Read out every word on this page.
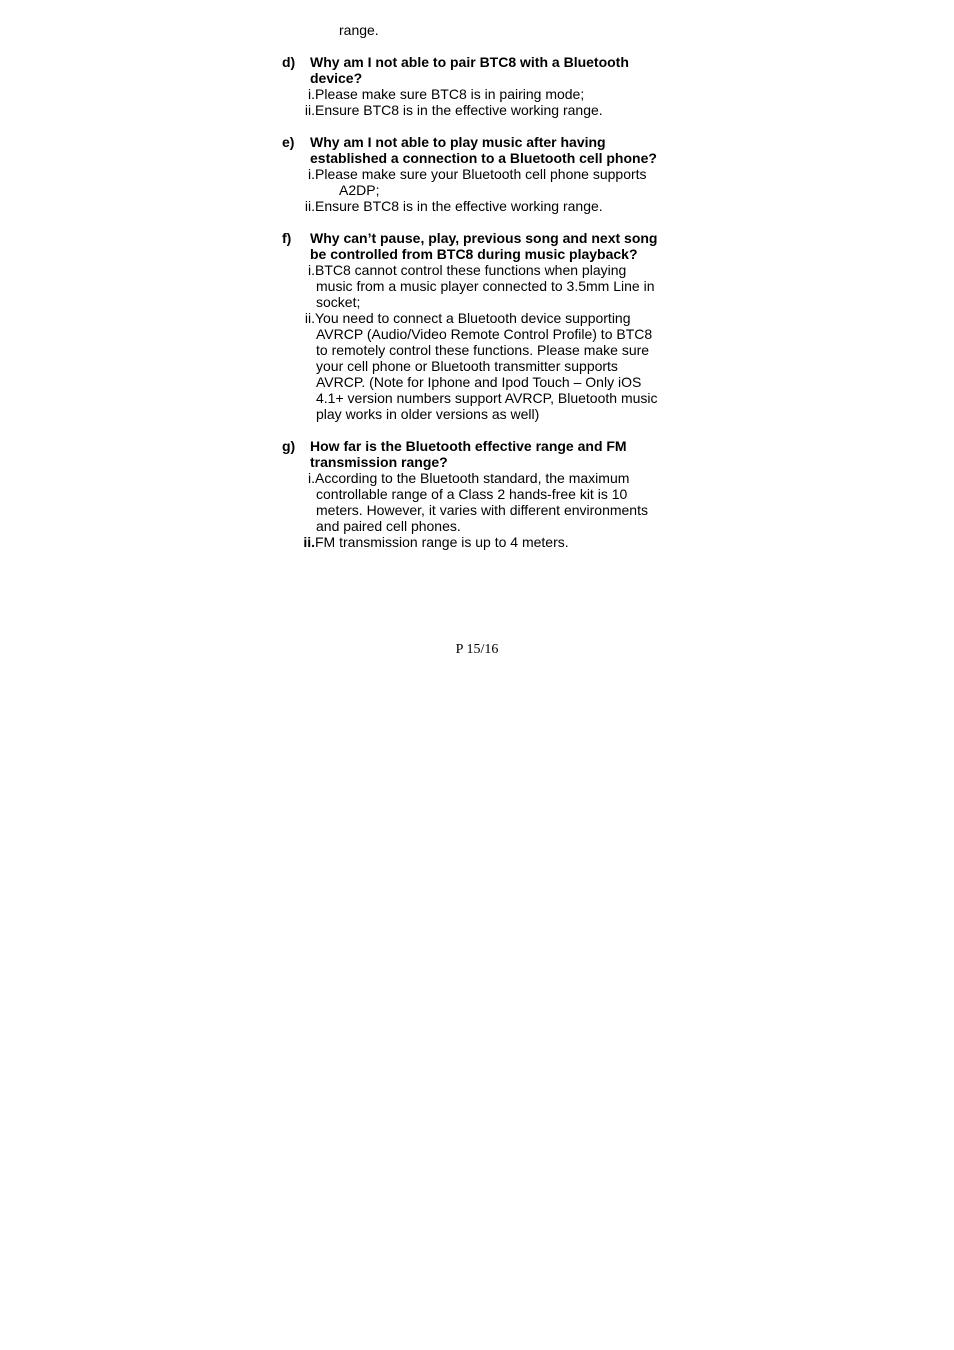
range.
d)	Why am I not able to pair BTC8 with a Bluetooth
device?
i. Please make sure BTC8 is in pairing mode;
ii. Ensure BTC8 is in the effective working range.
e)	Why am I not able to play music after having
established a connection to a Bluetooth cell phone?
i. Please make sure your Bluetooth cell phone supports
A2DP;
ii. Ensure BTC8 is in the effective working range.
f)	Why can’t pause, play, previous song and next song
be controlled from BTC8 during music playback?
i. BTC8 cannot control these functions when playing
music from a music player connected to 3.5mm Line in
socket;
ii. You need to connect a Bluetooth device supporting
AVRCP (Audio/Video Remote Control Profile) to BTC8
to remotely control these functions. Please make sure
your cell phone or Bluetooth transmitter supports
AVRCP. (Note for Iphone and Ipod Touch – Only iOS
4.1+ version numbers support AVRCP, Bluetooth music
play works in older versions as well)
g)	How far is the Bluetooth effective range and FM
transmission range?
i. According to the Bluetooth standard, the maximum
controllable range of a Class 2 hands-free kit is 10
meters. However, it varies with different environments
and paired cell phones.
ii. FM transmission range is up to 4 meters.
P 15/16
